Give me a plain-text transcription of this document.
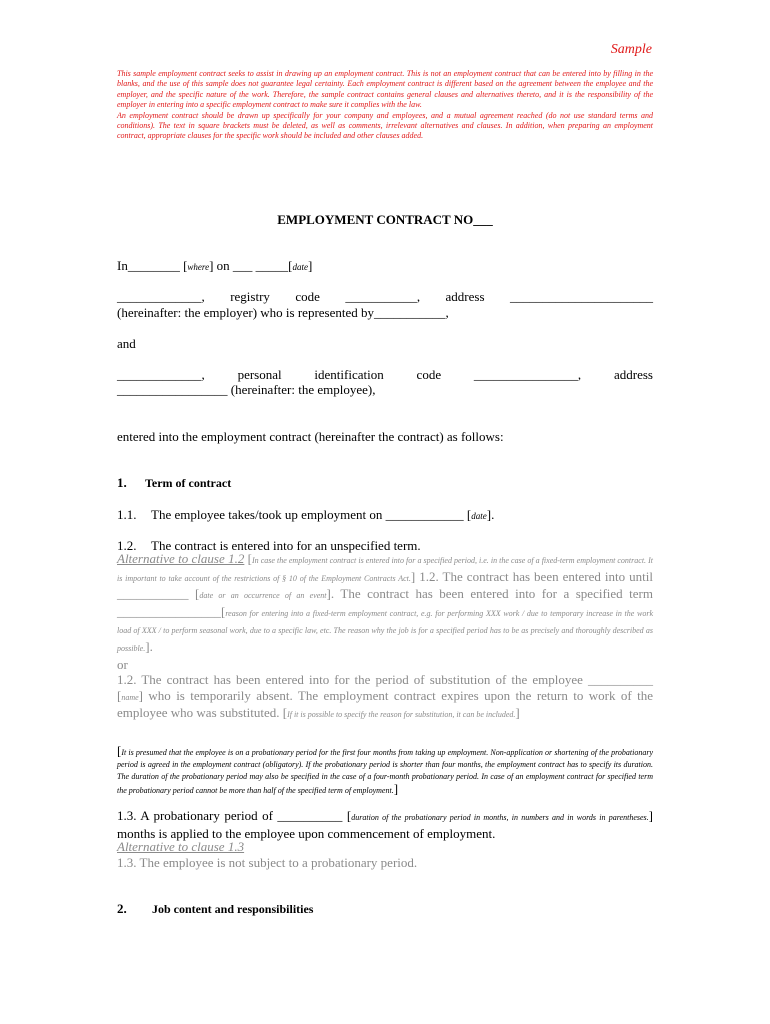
Sample
This sample employment contract seeks to assist in drawing up an employment contract. This is not an employment contract that can be entered into by filling in the blanks, and the use of this sample does not guarantee legal certainty. Each employment contract is different based on the agreement between the employee and the employer, and the specific nature of the work. Therefore, the sample contract contains general clauses and alternatives thereto, and it is the responsibility of the employer in entering into a specific employment contract to make sure it complies with the law.
An employment contract should be drawn up specifically for your company and employees, and a mutual agreement reached (do not use standard terms and conditions). The text in square brackets must be deleted, as well as comments, irrelevant alternatives and clauses. In addition, when preparing an employment contract, appropriate clauses for the specific work should be included and other clauses added.
EMPLOYMENT CONTRACT NO___
In________ [where] on ___ _____[date]
_____________, registry code ___________, address ______________________
(hereinafter: the employer) who is represented by___________,
and
_____________,	personal	identification	code	________________,	address
_________________ (hereinafter: the employee),
entered into the employment contract (hereinafter the contract) as follows:
1. Term of contract
1.1. The employee takes/took up employment on ____________ [date].
1.2. The contract is entered into for an unspecified term.
Alternative to clause 1.2 [In case the employment contract is entered into for a specified period, i.e. in the case of a fixed-term employment contract. It is important to take account of the restrictions of § 10 of the Employment Contracts Act.] 1.2. The contract has been entered into until ___________ [date or an occurrence of an event]. The contract has been entered into for a specified term ________________[reason for entering into a fixed-term employment contract, e.g. for performing XXX work / due to temporary increase in the work load of XXX / to perform seasonal work, due to a specific law, etc. The reason why the job is for a specified period has to be as precisely and thoroughly described as possible.].
or
1.2. The contract has been entered into for the period of substitution of the employee __________ [name] who is temporarily absent. The employment contract expires upon the return to work of the employee who was substituted. [If it is possible to specify the reason for substitution, it can be included.]
[It is presumed that the employee is on a probationary period for the first four months from taking up employment. Non-application or shortening of the probationary period is agreed in the employment contract (obligatory). If the probationary period is shorter than four months, the employment contract has to specify its duration. The duration of the probationary period may also be specified in the case of a four-month probationary period. In case of an employment contract for specified term the probationary period cannot be more than half of the specified term of employment.]
1.3. A probationary period of __________ [duration of the probationary period in months, in numbers and in words in parentheses.] months is applied to the employee upon commencement of employment.
Alternative to clause 1.3
1.3. The employee is not subject to a probationary period.
2. Job content and responsibilities
